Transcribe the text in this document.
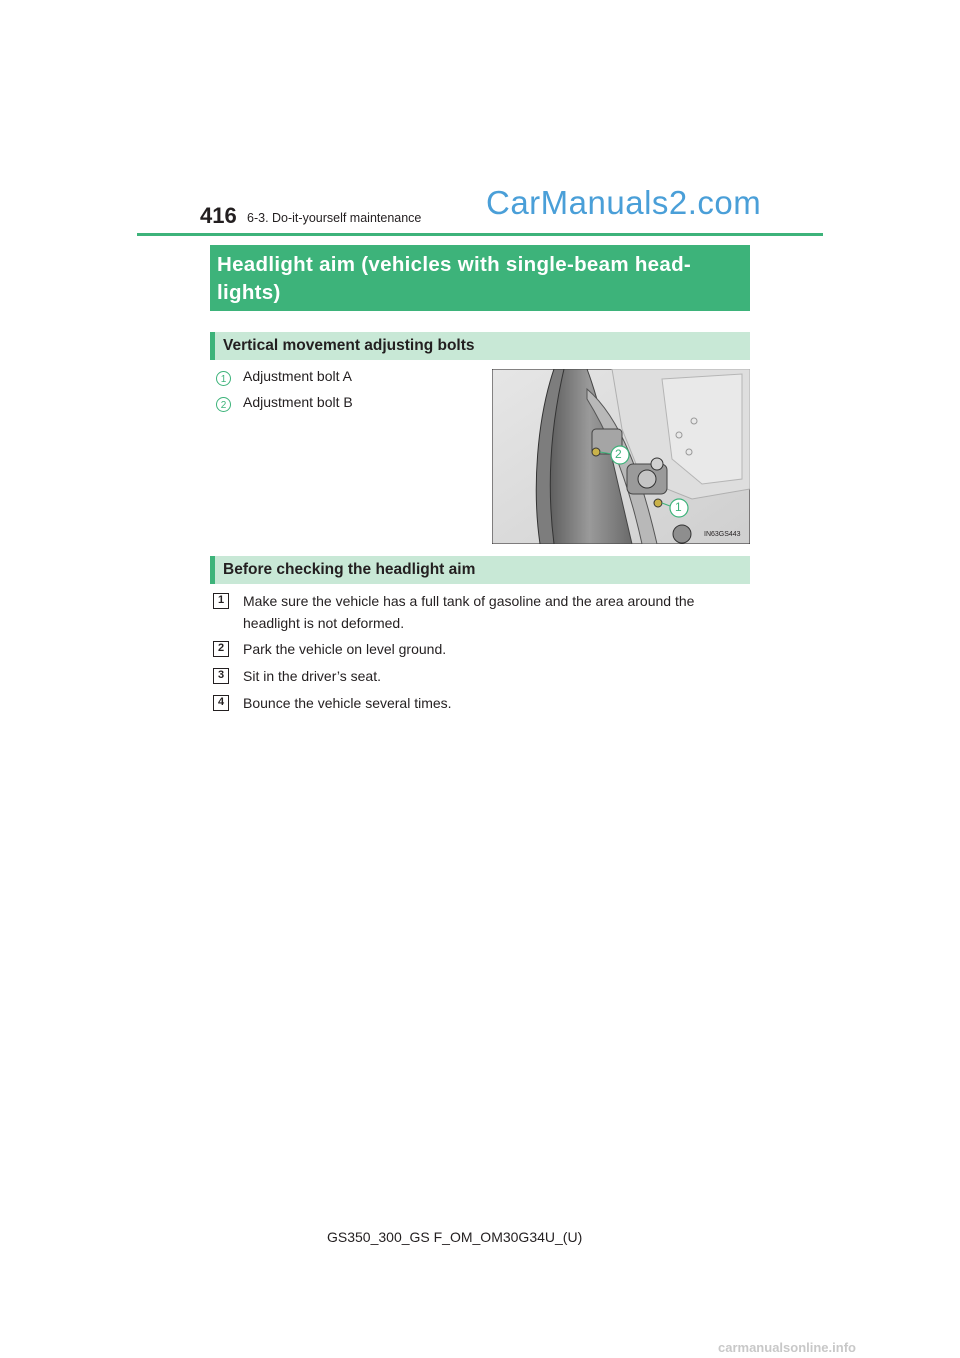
416 6-3. Do-it-yourself maintenance CarManuals2.com
Headlight aim (vehicles with single-beam head-
lights)
Vertical movement adjusting bolts
1	Adjustment bolt A
2	Adjustment bolt B
2
1
IN63GS443
Before checking the headlight aim
1	Make sure the vehicle has a full tank of gasoline and the area around the
headlight is not deformed.
2	Park the vehicle on level ground.
3	Sit in the driver’s seat.
4	Bounce the vehicle several times.
GS350_300_GS F_OM_OM30G34U_(U)
carmanualsonline.info
